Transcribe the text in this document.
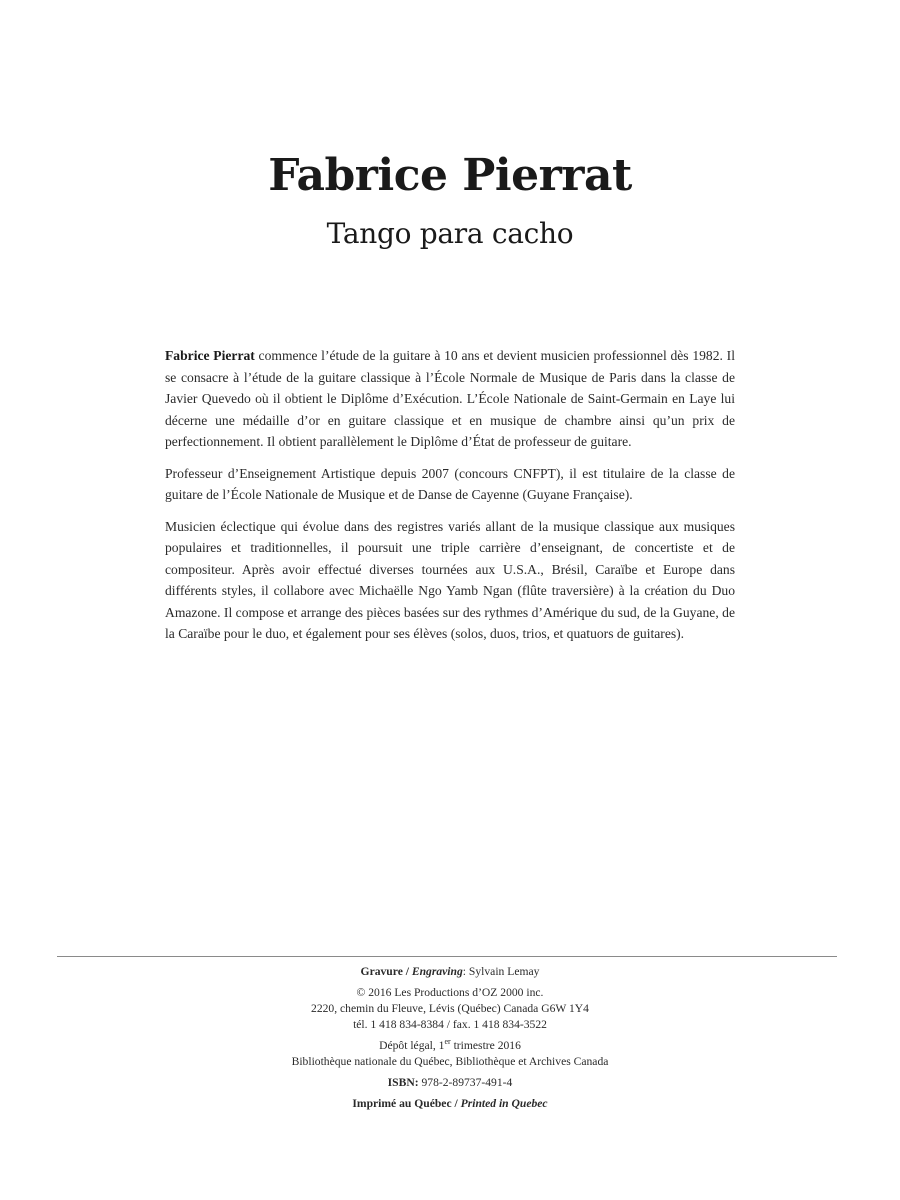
Fabrice Pierrat
Tango para cacho

Fabrice Pierrat commence l’étude de la guitare à 10 ans et devient musicien professionnel dès 1982. Il se consacre à l’étude de la guitare classique à l’École Normale de Musique de Paris dans la classe de Javier Quevedo où il obtient le Diplôme d’Exécution. L’École Nationale de Saint-Germain en Laye lui décerne une médaille d’or en guitare classique et en musique de chambre ainsi qu’un prix de perfectionnement. Il obtient parallèlement le Diplôme d’État de professeur de guitare.

Professeur d’Enseignement Artistique depuis 2007 (concours CNFPT), il est titulaire de la classe de guitare de l’École Nationale de Musique et de Danse de Cayenne (Guyane Française).

Musicien éclectique qui évolue dans des registres variés allant de la musique classique aux musiques populaires et traditionnelles, il poursuit une triple carrière d’enseignant, de concertiste et de compositeur. Après avoir effectué diverses tournées aux U.S.A., Brésil, Caraïbe et Europe dans différents styles, il collabore avec Michaëlle Ngo Yamb Ngan (flûte traversière) à la création du Duo Amazone. Il compose et arrange des pièces basées sur des rythmes d’Amérique du sud, de la Guyane, de la Caraïbe pour le duo, et également pour ses élèves (solos, duos, trios, et quatuors de guitares).

Gravure / Engraving: Sylvain Lemay
© 2016 Les Productions d’OZ 2000 inc.
2220, chemin du Fleuve, Lévis (Québec) Canada G6W 1Y4
tél. 1 418 834-8384 / fax. 1 418 834-3522
Dépôt légal, 1er trimestre 2016
Bibliothèque nationale du Québec, Bibliothèque et Archives Canada
ISBN: 978-2-89737-491-4
Imprimé au Québec / Printed in Quebec
